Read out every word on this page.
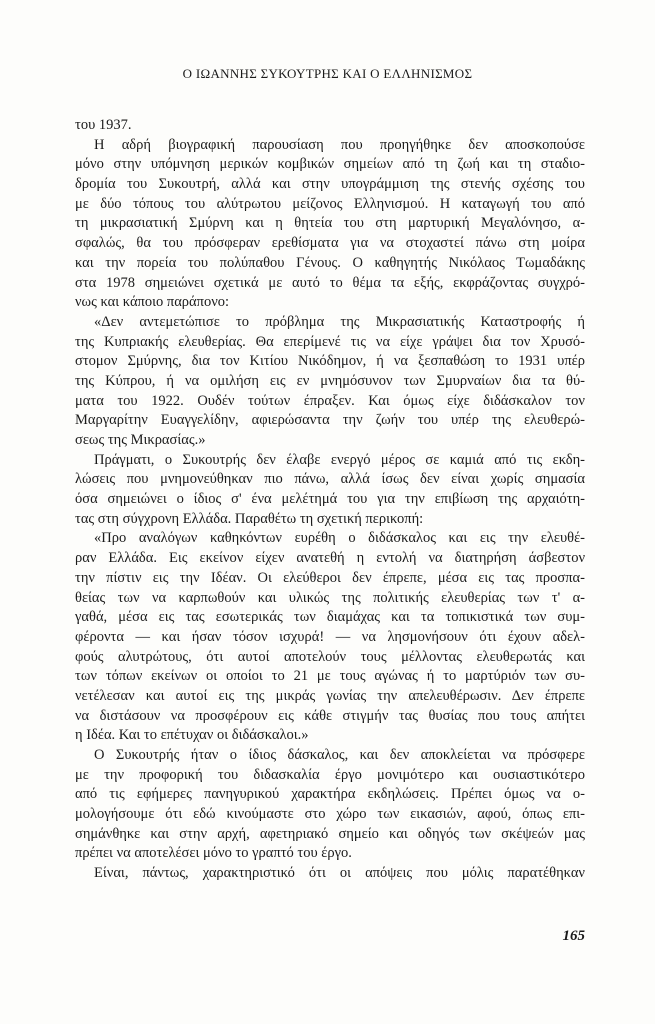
Ο ΙΩΑΝΝΗΣ ΣΥΚΟΥΤΡΗΣ ΚΑΙ Ο ΕΛΛΗΝΙΣΜΟΣ
του 1937.
Η αδρή βιογραφική παρουσίαση που προηγήθηκε δεν αποσκοπούσε
μόνο στην υπόμνηση μερικών κομβικών σημείων από τη ζωή και τη σταδιο-
δρομία του Συκουτρή, αλλά και στην υπογράμμιση της στενής σχέσης του
με δύο τόπους του αλύτρωτου μείζονος Ελληνισμού. Η καταγωγή του από
τη μικρασιατική Σμύρνη και η θητεία του στη μαρτυρική Μεγαλόνησο, α-
σφαλώς, θα του πρόσφεραν ερεθίσματα για να στοχαστεί πάνω στη μοίρα
και την πορεία του πολύπαθου Γένους. Ο καθηγητής Νικόλαος Τωμαδάκης
στα 1978 σημειώνει σχετικά με αυτό το θέμα τα εξής, εκφράζοντας συγχρό-
νως και κάποιο παράπονο:
«Δεν αντεμετώπισε το πρόβλημα της Μικρασιατικής Καταστροφής ή
της Κυπριακής ελευθερίας. Θα επερίμενέ τις να είχε γράψει δια τον Χρυσό-
στομον Σμύρνης, δια τον Κιτίου Νικόδημον, ή να ξεσπαθώση το 1931 υπέρ
της Κύπρου, ή να ομιλήση εις εν μνημόσυνον των Σμυρναίων δια τα θύ-
ματα του 1922. Ουδέν τούτων έπραξεν. Και όμως είχε διδάσκαλον τον
Μαργαρίτην Ευαγγελίδην, αφιερώσαντα την ζωήν του υπέρ της ελευθερώ-
σεως της Μικρασίας.»
Πράγματι, ο Συκουτρής δεν έλαβε ενεργό μέρος σε καμιά από τις εκδη-
λώσεις που μνημονεύθηκαν πιο πάνω, αλλά ίσως δεν είναι χωρίς σημασία
όσα σημειώνει ο ίδιος σ' ένα μελέτημά του για την επιβίωση της αρχαιότη-
τας στη σύγχρονη Ελλάδα. Παραθέτω τη σχετική περικοπή:
«Προ αναλόγων καθηκόντων ευρέθη ο διδάσκαλος και εις την ελευθέ-
ραν Ελλάδα. Εις εκείνον είχεν ανατεθή η εντολή να διατηρήση άσβεστον
την πίστιν εις την Ιδέαν. Οι ελεύθεροι δεν έπρεπε, μέσα εις τας προσπα-
θείας των να καρπωθούν και υλικώς της πολιτικής ελευθερίας των τ' α-
γαθά, μέσα εις τας εσωτερικάς των διαμάχας και τα τοπικιστικά των συμ-
φέροντα — και ήσαν τόσον ισχυρά! — να λησμονήσουν ότι έχουν αδελ-
φούς αλυτρώτους, ότι αυτοί αποτελούν τους μέλλοντας ελευθερωτάς και
των τόπων εκείνων οι οποίοι το 21 με τους αγώνας ή το μαρτύριόν των συ-
νετέλεσαν και αυτοί εις της μικράς γωνίας την απελευθέρωσιν. Δεν έπρεπε
να διστάσουν να προσφέρουν εις κάθε στιγμήν τας θυσίας που τους απήτει
η Ιδέα. Και το επέτυχαν οι διδάσκαλοι.»
Ο Συκουτρής ήταν ο ίδιος δάσκαλος, και δεν αποκλείεται να πρόσφερε
με την προφορική του διδασκαλία έργο μονιμότερο και ουσιαστικότερο
από τις εφήμερες πανηγυρικού χαρακτήρα εκδηλώσεις. Πρέπει όμως να ο-
μολογήσουμε ότι εδώ κινούμαστε στο χώρο των εικασιών, αφού, όπως επι-
σημάνθηκε και στην αρχή, αφετηριακό σημείο και οδηγός των σκέψεών μας
πρέπει να αποτελέσει μόνο το γραπτό του έργο.
Είναι, πάντως, χαρακτηριστικό ότι οι απόψεις που μόλις παρατέθηκαν
165
